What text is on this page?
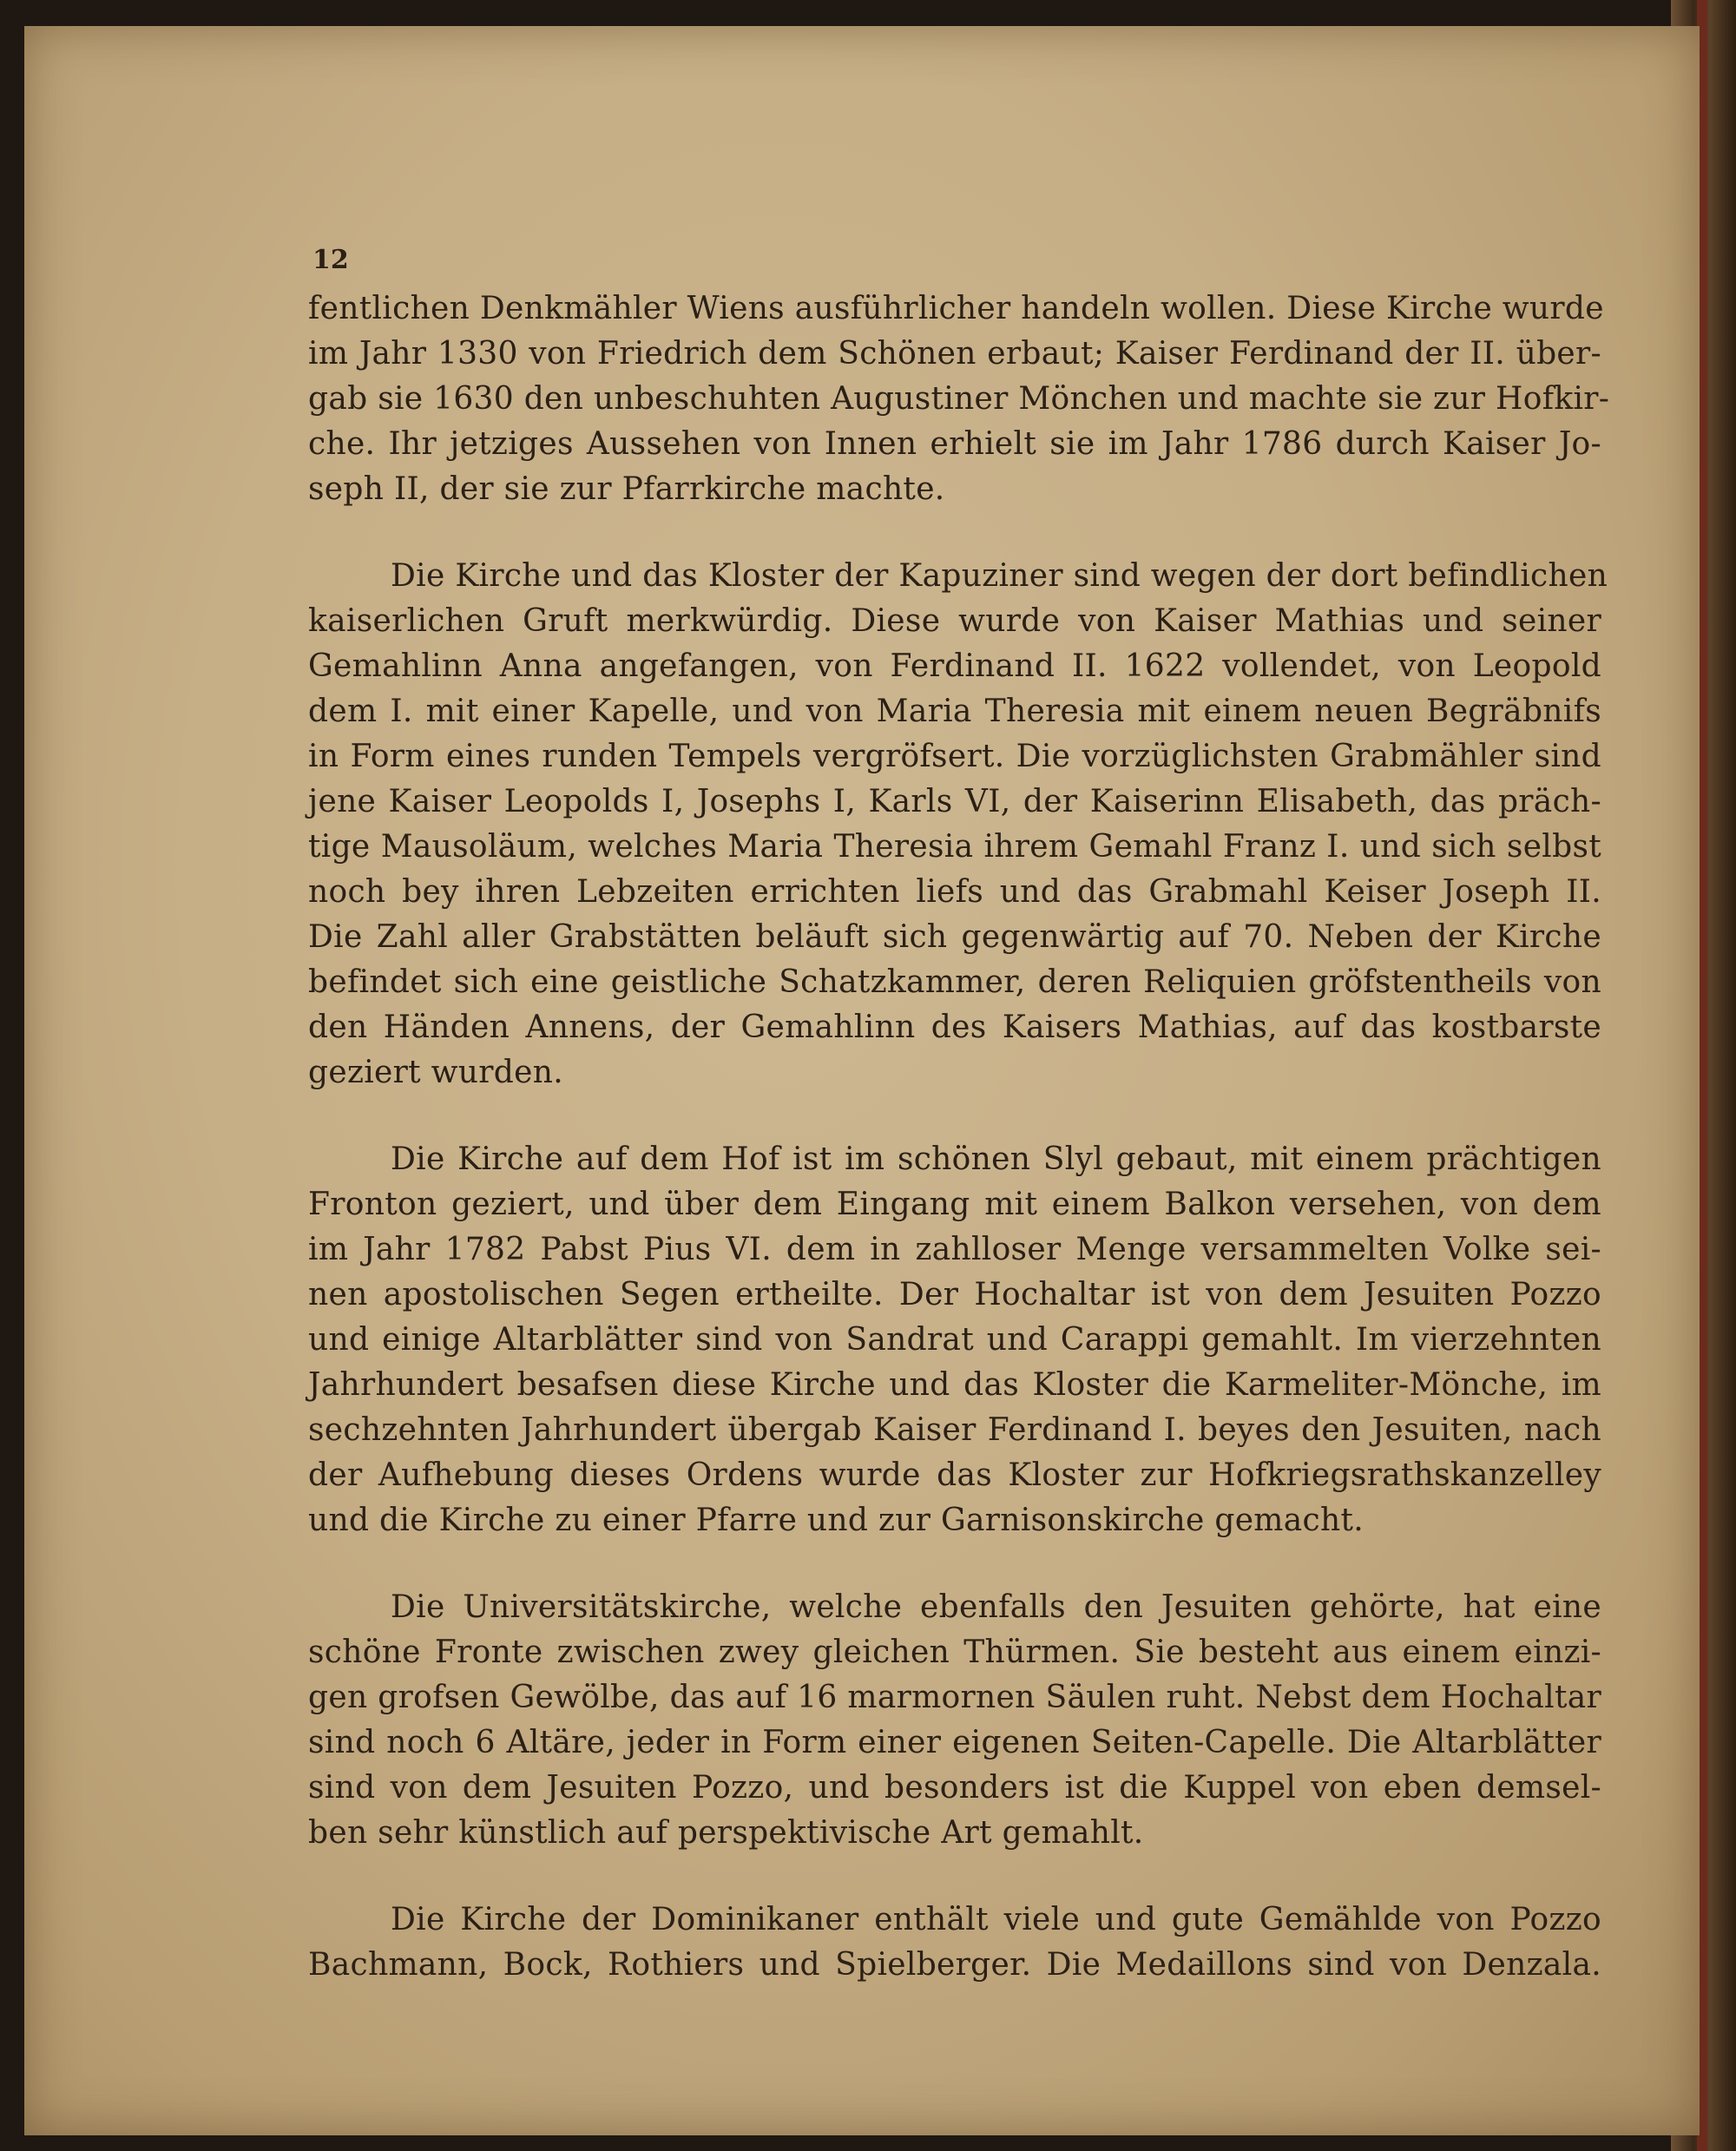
12
fentlichen Denkmähler Wiens ausführlicher handeln wollen. Diese Kirche wurde
im Jahr 1330 von Friedrich dem Schönen erbaut; Kaiser Ferdinand der II. über-
gab sie 1630 den unbeschuhten Augustiner Mönchen und machte sie zur Hofkir-
che. Ihr jetziges Aussehen von Innen erhielt sie im Jahr 1786 durch Kaiser Jo-
seph II, der sie zur Pfarrkirche machte.
Die Kirche und das Kloster der Kapuziner sind wegen der dort befindlichen
kaiserlichen Gruft merkwürdig. Diese wurde von Kaiser Mathias und seiner
Gemahlinn Anna angefangen, von Ferdinand II. 1622 vollendet, von Leopold
dem I. mit einer Kapelle, und von Maria Theresia mit einem neuen Begräbnifs
in Form eines runden Tempels vergröfsert. Die vorzüglichsten Grabmähler sind
jene Kaiser Leopolds I, Josephs I, Karls VI, der Kaiserinn Elisabeth, das präch-
tige Mausoläum, welches Maria Theresia ihrem Gemahl Franz I. und sich selbst
noch bey ihren Lebzeiten errichten liefs und das Grabmahl Keiser Joseph II.
Die Zahl aller Grabstätten beläuft sich gegenwärtig auf 70. Neben der Kirche
befindet sich eine geistliche Schatzkammer, deren Reliquien gröfstentheils von
den Händen Annens, der Gemahlinn des Kaisers Mathias, auf das kostbarste
geziert wurden.
Die Kirche auf dem Hof ist im schönen Slyl gebaut, mit einem prächtigen
Fronton geziert, und über dem Eingang mit einem Balkon versehen, von dem
im Jahr 1782 Pabst Pius VI. dem in zahlloser Menge versammelten Volke sei-
nen apostolischen Segen ertheilte. Der Hochaltar ist von dem Jesuiten Pozzo
und einige Altarblätter sind von Sandrat und Carappi gemahlt. Im vierzehnten
Jahrhundert besafsen diese Kirche und das Kloster die Karmeliter-Mönche, im
sechzehnten Jahrhundert übergab Kaiser Ferdinand I. beyes den Jesuiten, nach
der Aufhebung dieses Ordens wurde das Kloster zur Hofkriegsrathskanzelley
und die Kirche zu einer Pfarre und zur Garnisonskirche gemacht.
Die Universitätskirche, welche ebenfalls den Jesuiten gehörte, hat eine
schöne Fronte zwischen zwey gleichen Thürmen. Sie besteht aus einem einzi-
gen grofsen Gewölbe, das auf 16 marmornen Säulen ruht. Nebst dem Hochaltar
sind noch 6 Altäre, jeder in Form einer eigenen Seiten-Capelle. Die Altarblätter
sind von dem Jesuiten Pozzo, und besonders ist die Kuppel von eben demsel-
ben sehr künstlich auf perspektivische Art gemahlt.
Die Kirche der Dominikaner enthält viele und gute Gemählde von Pozzo
Bachmann, Bock, Rothiers und Spielberger. Die Medaillons sind von Denzala.
